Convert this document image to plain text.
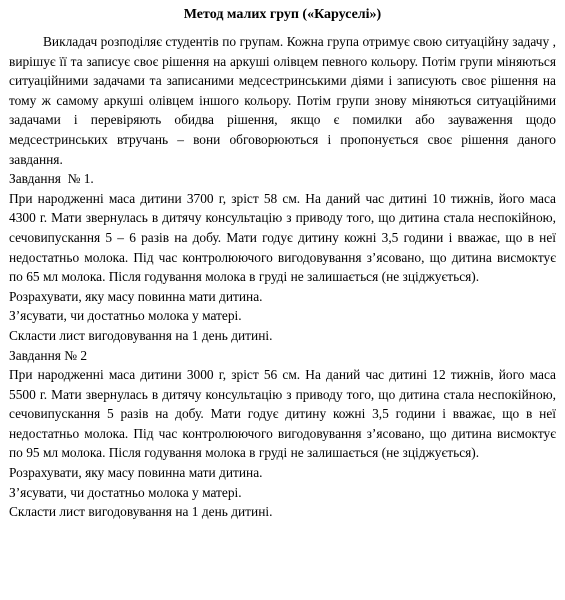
Метод малих груп («Каруселі»)

Викладач розподіляє студентів по групам. Кожна група отримує свою ситуаційну задачу , вирішує її та записує своє рішення на аркуші олівцем певного кольору. Потім групи міняються ситуаційними задачами та записаними медсестринськими діями і записують своє рішення на тому ж самому аркуші олівцем іншого кольору. Потім групи знову міняються ситуаційними задачами і перевіряють обидва рішення, якщо є помилки або зауваження щодо медсестринських втручань – вони обговорюються і пропонується своє рішення даного завдання.

Завдання  № 1.

При народженні маса дитини 3700 г, зріст 58 см. На даний час дитині 10 тижнів, його маса 4300 г. Мати звернулась в дитячу консультацію з приводу того, що дитина стала неспокійною, сечовипускання 5 – 6 разів на добу. Мати годує дитину кожні 3,5 години і вважає, що в неї недостатньо молока. Під час контролюючого вигодовування з’ясовано, що дитина висмоктує по 65 мл молока. Після годування молока в груді не залишається (не зціджується).

Розрахувати, яку масу повинна мати дитина.
З’ясувати, чи достатньо молока у матері.
Скласти лист вигодовування на 1 день дитині.
Завдання № 2

При народженні маса дитини 3000 г, зріст 56 см. На даний час дитині 12 тижнів, його маса 5500 г. Мати звернулась в дитячу консультацію з приводу того, що дитина стала неспокійною, сечовипускання 5 разів на добу. Мати годує дитину кожні 3,5 години і вважає, що в неї недостатньо молока. Під час контролюючого вигодовування з’ясовано, що дитина висмоктує по 95 мл молока. Після годування молока в груді не залишається (не зціджується).

Розрахувати, яку масу повинна мати дитина.
З’ясувати, чи достатньо молока у матері.
Скласти лист вигодовування на 1 день дитині.
